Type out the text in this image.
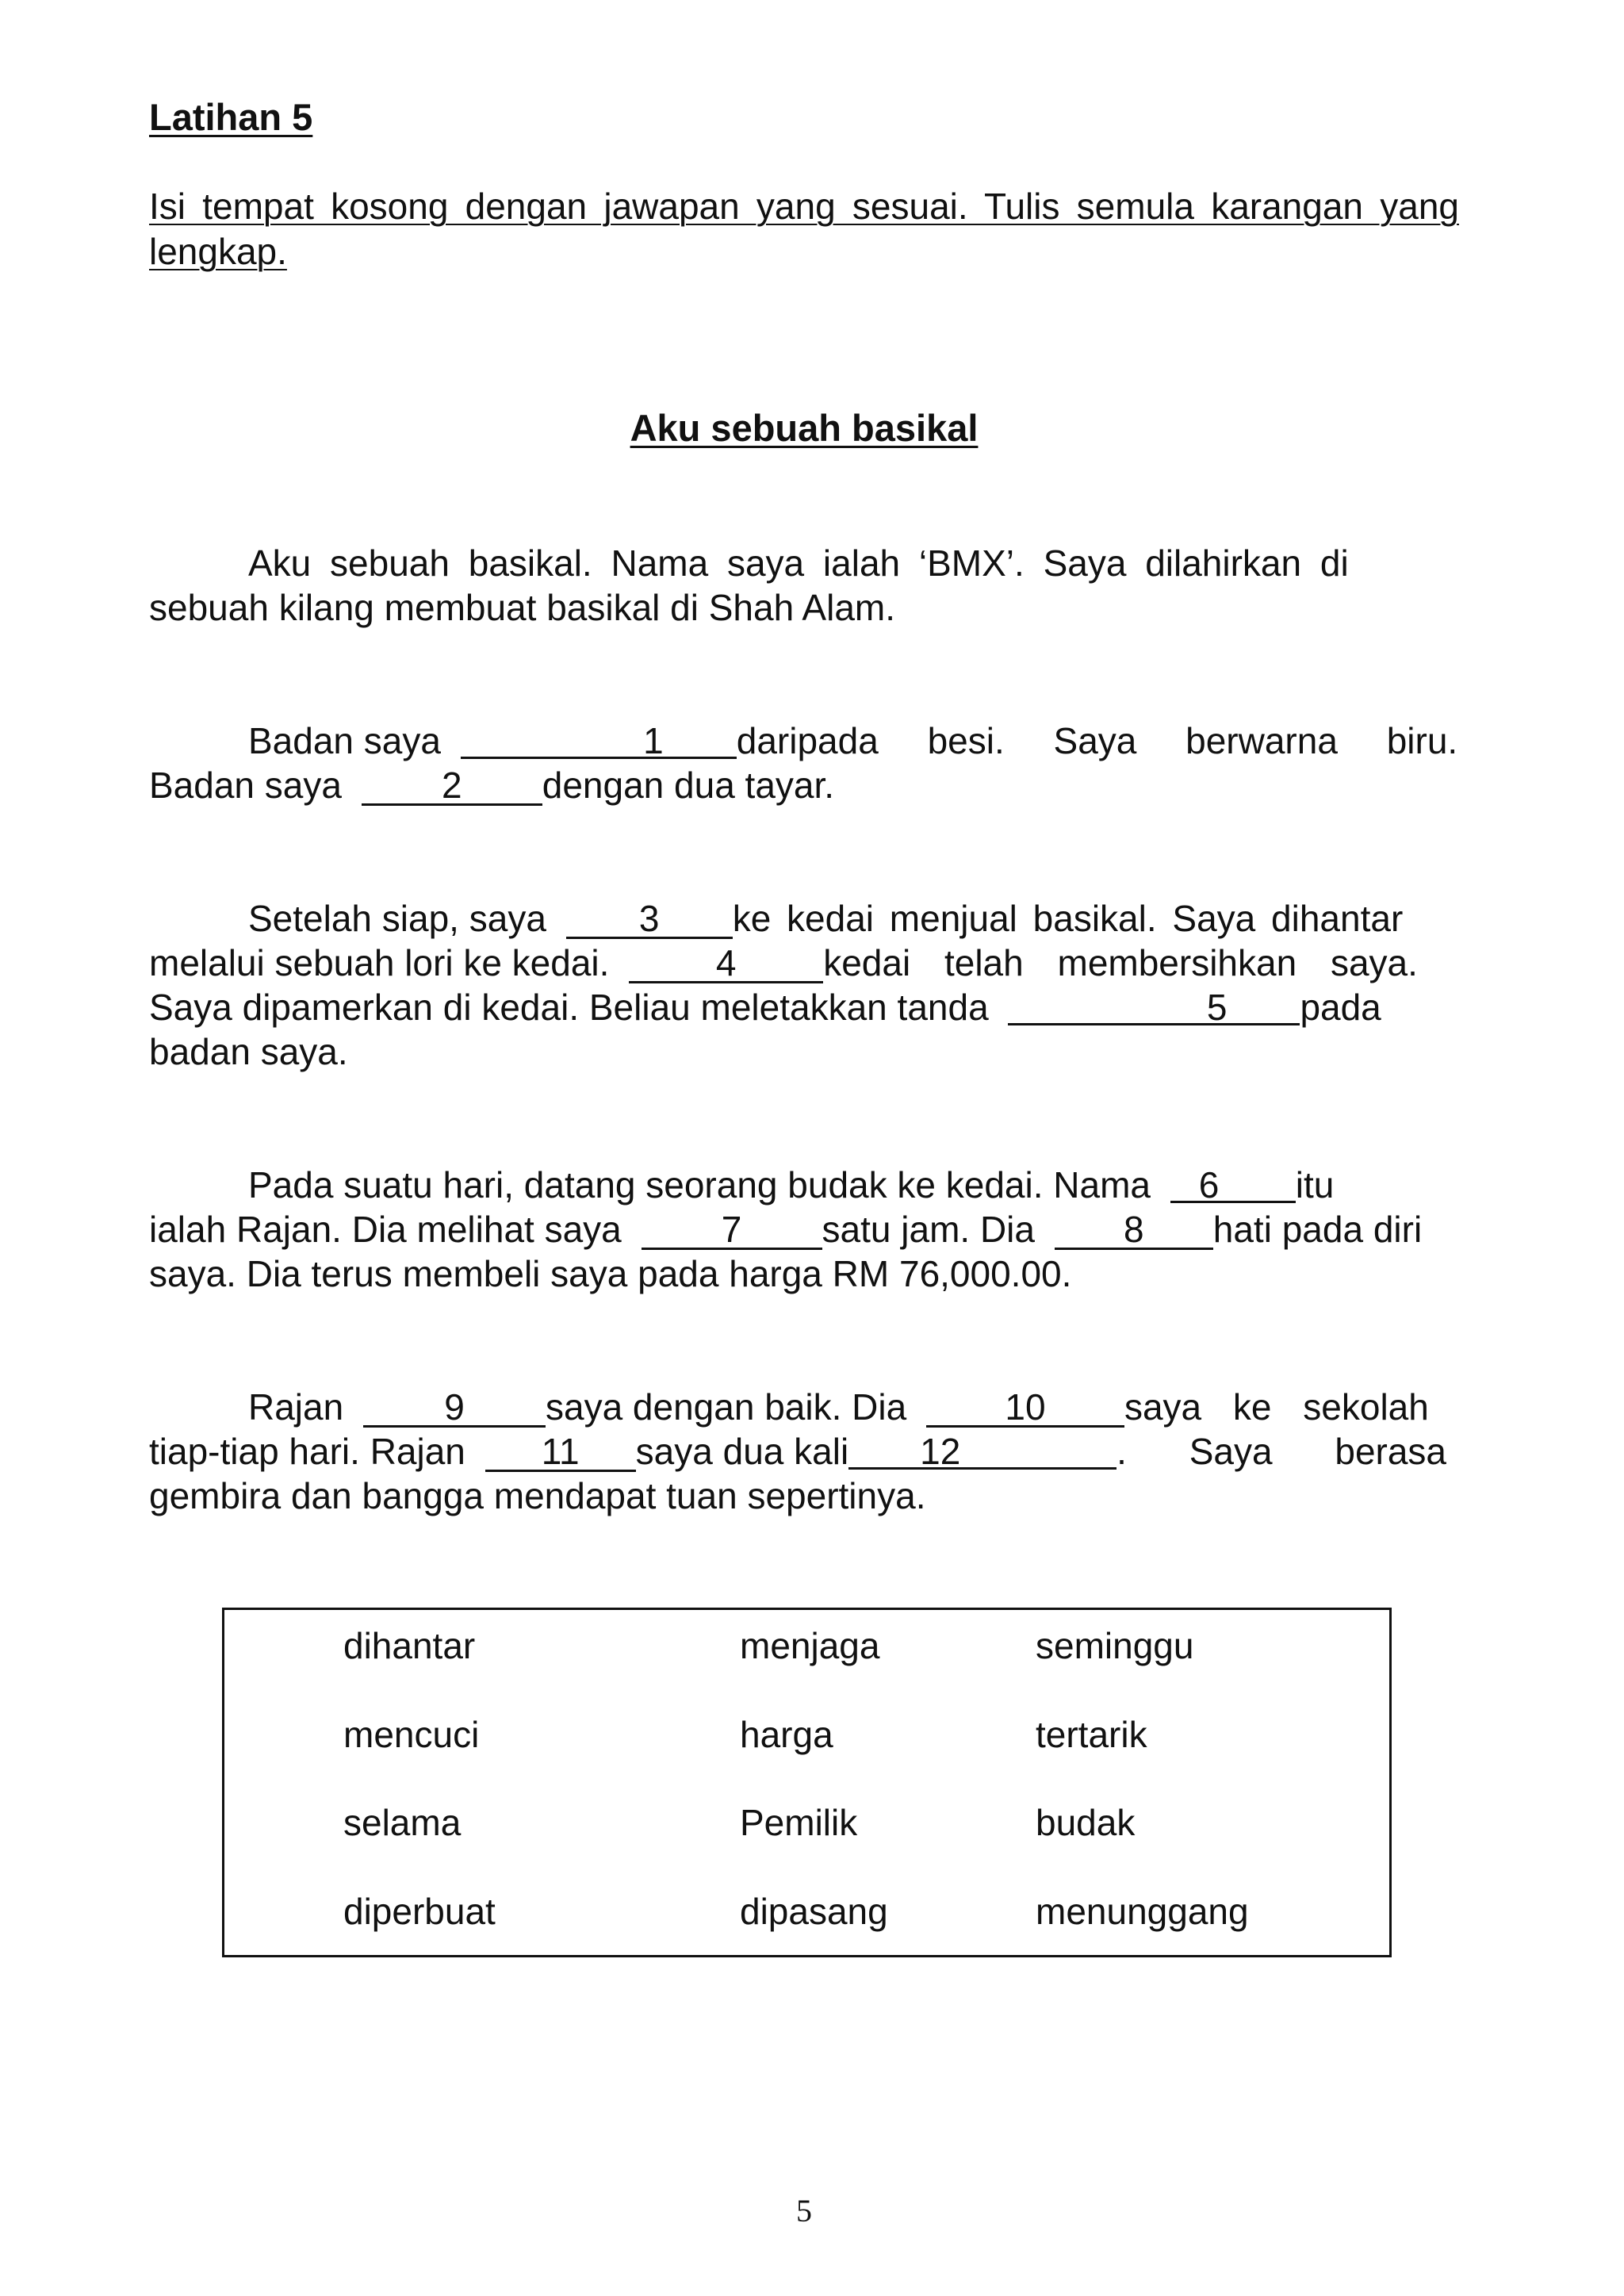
Latihan 5

Isi tempat kosong dengan jawapan yang sesuai. Tulis semula karangan yang lengkap.

Aku sebuah basikal

Aku sebuah basikal. Nama saya ialah ‘BMX’. Saya dilahirkan di
sebuah kilang membuat basikal di Shah Alam.
Badan saya	1 daripada besi. Saya berwarna biru.
Badan saya	2 dengan dua tayar.
Setelah siap, saya	3 ke kedai menjual basikal. Saya dihantar
melalui sebuah lori ke kedai.	4 kedai telah membersihkan saya.
Saya dipamerkan di kedai. Beliau meletakkan tanda	5 pada
badan saya.
Pada suatu hari, datang seorang budak ke kedai. Nama 6 itu
ialah Rajan. Dia melihat saya	7 satu jam. Dia 8 hati pada diri
saya. Dia terus membeli saya pada harga RM 76,000.00.
Rajan	9 saya dengan baik. Dia	10 saya ke sekolah
tiap-tiap hari. Rajan 11 saya dua kali 12	. Saya berasa
gembira dan bangga mendapat tuan sepertinya.
dihantar	menjaga	seminggu
mencuci	harga	tertarik
selama	Pemilik	budak
diperbuat	dipasang	menunggang

5
